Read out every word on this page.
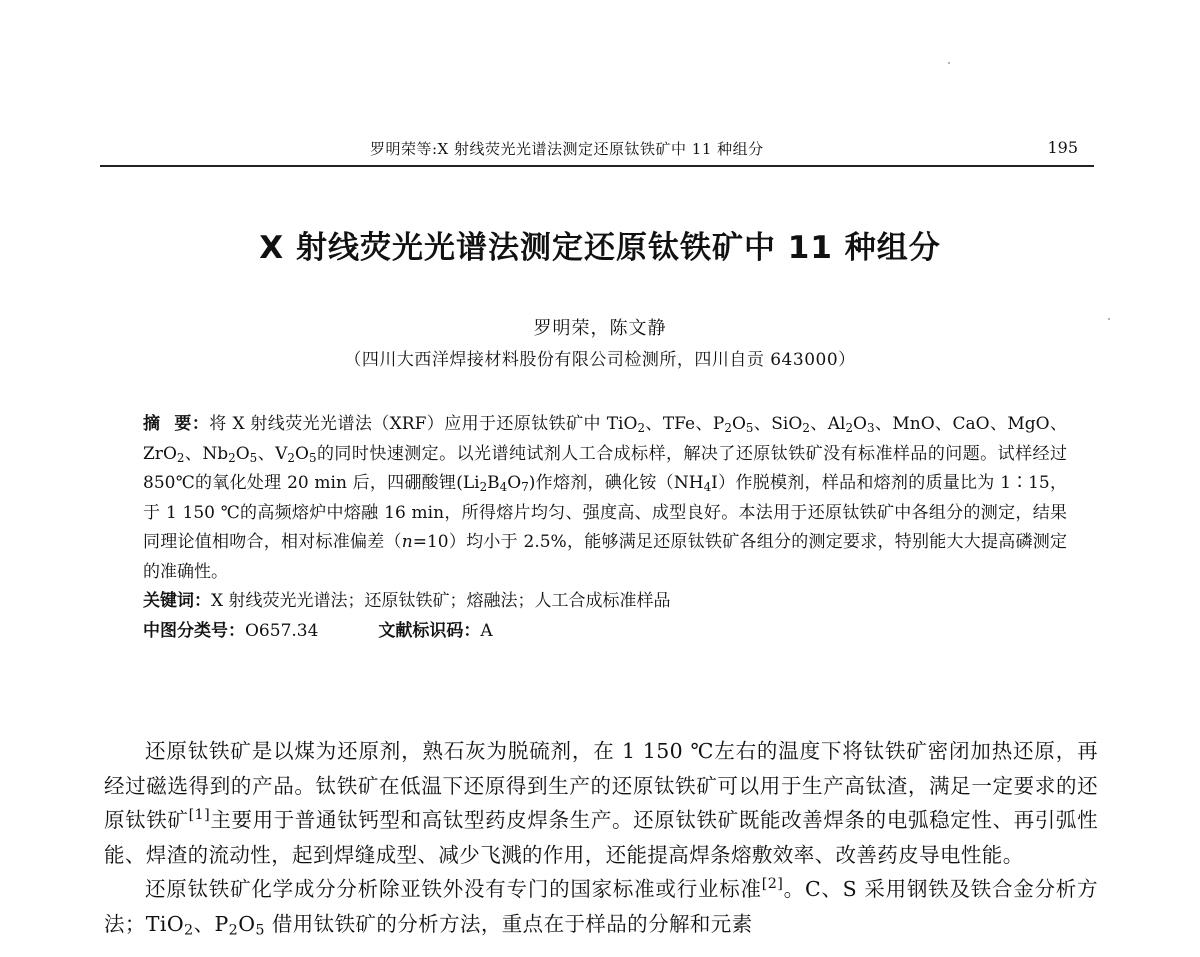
罗明荣等:X 射线荧光光谱法测定还原钛铁矿中 11 种组分	195
X 射线荧光光谱法测定还原钛铁矿中 11 种组分
罗明荣，陈文静
（四川大西洋焊接材料股份有限公司检测所，四川自贡 643000）
摘要：将 X 射线荧光光谱法（XRF）应用于还原钛铁矿中 TiO$_2$、TFe、$P_2O_5$、SiO$_2$、$Al_2O_3$、MnO、CaO、MgO、ZrO$_2$、$Nb_2O_5$、$V_2O_5$的同时快速测定。以光谱纯试剂人工合成标样，解决了还原钛铁矿没有标准样品的问题。试样经过 850℃的氧化处理 20 min 后，四硼酸锂$(Li_2B_4O_7)$作熔剂，碘化铵$(NH_4I)$作脱模剂，样品和熔剂的质量比为 1∶15，于 1 150 ℃的高频熔炉中熔融 16 min，所得熔片均匀、强度高、成型良好。本法用于还原钛铁矿中各组分的测定，结果同理论值相吻合，相对标准偏差（n=10）均小于 2.5%，能够满足还原钛铁矿各组分的测定要求，特别能大大提高磷测定的准确性。
关键词：X 射线荧光光谱法；还原钛铁矿；熔融法；人工合成标准样品
中图分类号：O657.34	文献标识码：A

还原钛铁矿是以煤为还原剂，熟石灰为脱硫剂，在 1 150 ℃左右的温度下将钛铁矿密闭加热还原，再经过磁选得到的产品。钛铁矿在低温下还原得到生产的还原钛铁矿可以用于生产高钛渣，满足一定要求的还原钛铁矿[1]主要用于普通钛钙型和高钛型药皮焊条生产。还原钛铁矿既能改善焊条的电弧稳定性、再引弧性能、焊渣的流动性，起到焊缝成型、减少飞溅的作用，还能提高焊条熔敷效率、改善药皮导电性能。

还原钛铁矿化学成分分析除亚铁外没有专门的国家标准或行业标准[2]。C、S 采用钢铁及铁合金分析方法；TiO$_2$、$P_2O_5$ 借用钛铁矿的分析方法，重点在于样品的分解和元素
